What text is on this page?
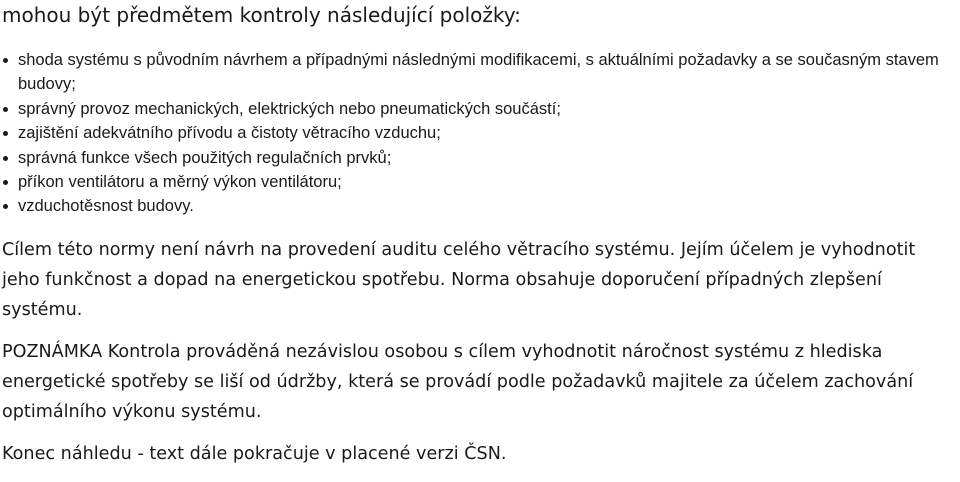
mohou být předmětem kontroly následující položky:

shoda systému s původním návrhem a případnými následnými modifikacemi, s aktuálními požadavky a se současným stavem budovy;
správný provoz mechanických, elektrických nebo pneumatických součástí;
zajištění adekvátního přívodu a čistoty větracího vzduchu;
správná funkce všech použitých regulačních prvků;
příkon ventilátoru a měrný výkon ventilátoru;
vzduchotěsnost budovy.

Cílem této normy není návrh na provedení auditu celého větracího systému. Jejím účelem je vyhodnotit jeho funkčnost a dopad na energetickou spotřebu. Norma obsahuje doporučení případných zlepšení systému.

POZNÁMKA Kontrola prováděná nezávislou osobou s cílem vyhodnotit náročnost systému z hlediska energetické spotřeby se liší od údržby, která se provádí podle požadavků majitele za účelem zachování optimálního výkonu systému.

Konec náhledu - text dále pokračuje v placené verzi ČSN.
